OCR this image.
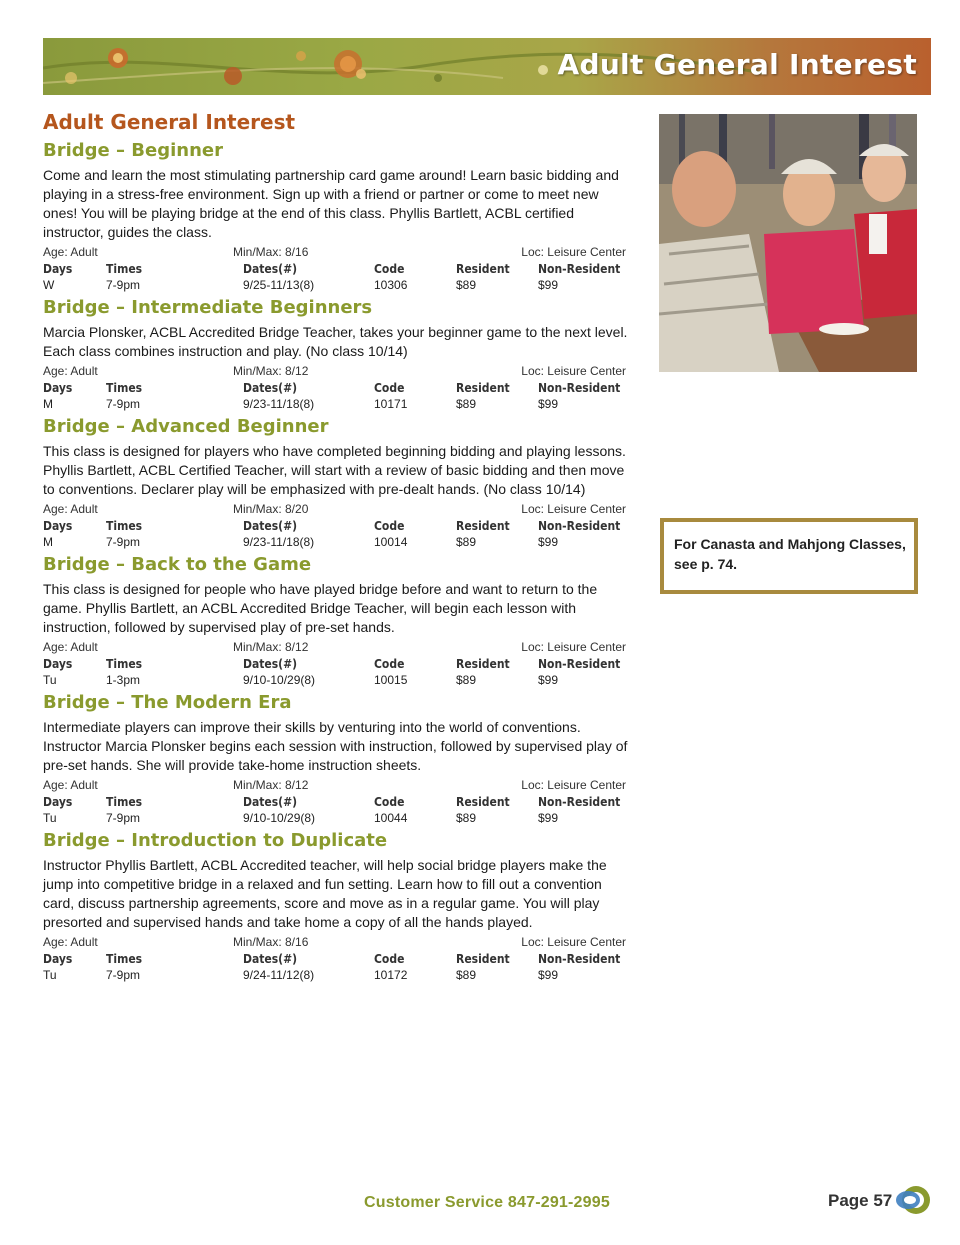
Adult General Interest
Adult General Interest
Bridge – Beginner

Come and learn the most stimulating partnership card game around! Learn basic bidding and playing in a stress-free environment. Sign up with a friend or partner or come to meet new ones! You will be playing bridge at the end of this class. Phyllis Bartlett, ACBL certified instructor, guides the class.

Age: Adult	Min/Max: 8/16	Loc: Leisure Center
Days	Times	Dates(#)	Code	Resident	Non-Resident
W	7-9pm	9/25-11/13(8)	10306	$89	$99
Bridge – Intermediate Beginners

Marcia Plonsker, ACBL Accredited Bridge Teacher, takes your beginner game to the next level. Each class combines instruction and play. (No class 10/14)

Age: Adult	Min/Max: 8/12	Loc: Leisure Center
Days	Times	Dates(#)	Code	Resident	Non-Resident
M	7-9pm	9/23-11/18(8)	10171	$89	$99
Bridge – Advanced Beginner

This class is designed for players who have completed beginning bidding and playing lessons. Phyllis Bartlett, ACBL Certified Teacher, will start with a review of basic bidding and then move to conventions. Declarer play will be emphasized with pre-dealt hands. (No class 10/14)

Age: Adult	Min/Max: 8/20	Loc: Leisure Center
Days	Times	Dates(#)	Code	Resident	Non-Resident
M	7-9pm	9/23-11/18(8)	10014	$89	$99
Bridge – Back to the Game

This class is designed for people who have played bridge before and want to return to the game. Phyllis Bartlett, an ACBL Accredited Bridge Teacher, will begin each lesson with instruction, followed by supervised play of pre-set hands.

Age: Adult	Min/Max: 8/12	Loc: Leisure Center
Days	Times	Dates(#)	Code	Resident	Non-Resident
Tu	1-3pm	9/10-10/29(8)	10015	$89	$99
Bridge – The Modern Era

Intermediate players can improve their skills by venturing into the world of conventions. Instructor Marcia Plonsker begins each session with instruction, followed by supervised play of pre-set hands. She will provide take-home instruction sheets.

Age: Adult	Min/Max: 8/12	Loc: Leisure Center
Days	Times	Dates(#)	Code	Resident	Non-Resident
Tu	7-9pm	9/10-10/29(8)	10044	$89	$99
Bridge – Introduction to Duplicate

Instructor Phyllis Bartlett, ACBL Accredited teacher, will help social bridge players make the jump into competitive bridge in a relaxed and fun setting. Learn how to fill out a convention card, discuss partnership agreements, score and move as in a regular game. You will play presorted and supervised hands and take home a copy of all the hands played.

Age: Adult	Min/Max: 8/16	Loc: Leisure Center
Days	Times	Dates(#)	Code	Resident	Non-Resident
Tu	7-9pm	9/24-11/12(8)	10172	$89	$99
For Canasta and Mahjong Classes,
see p. 74.
Customer Service 847-291-2995	Page 57
